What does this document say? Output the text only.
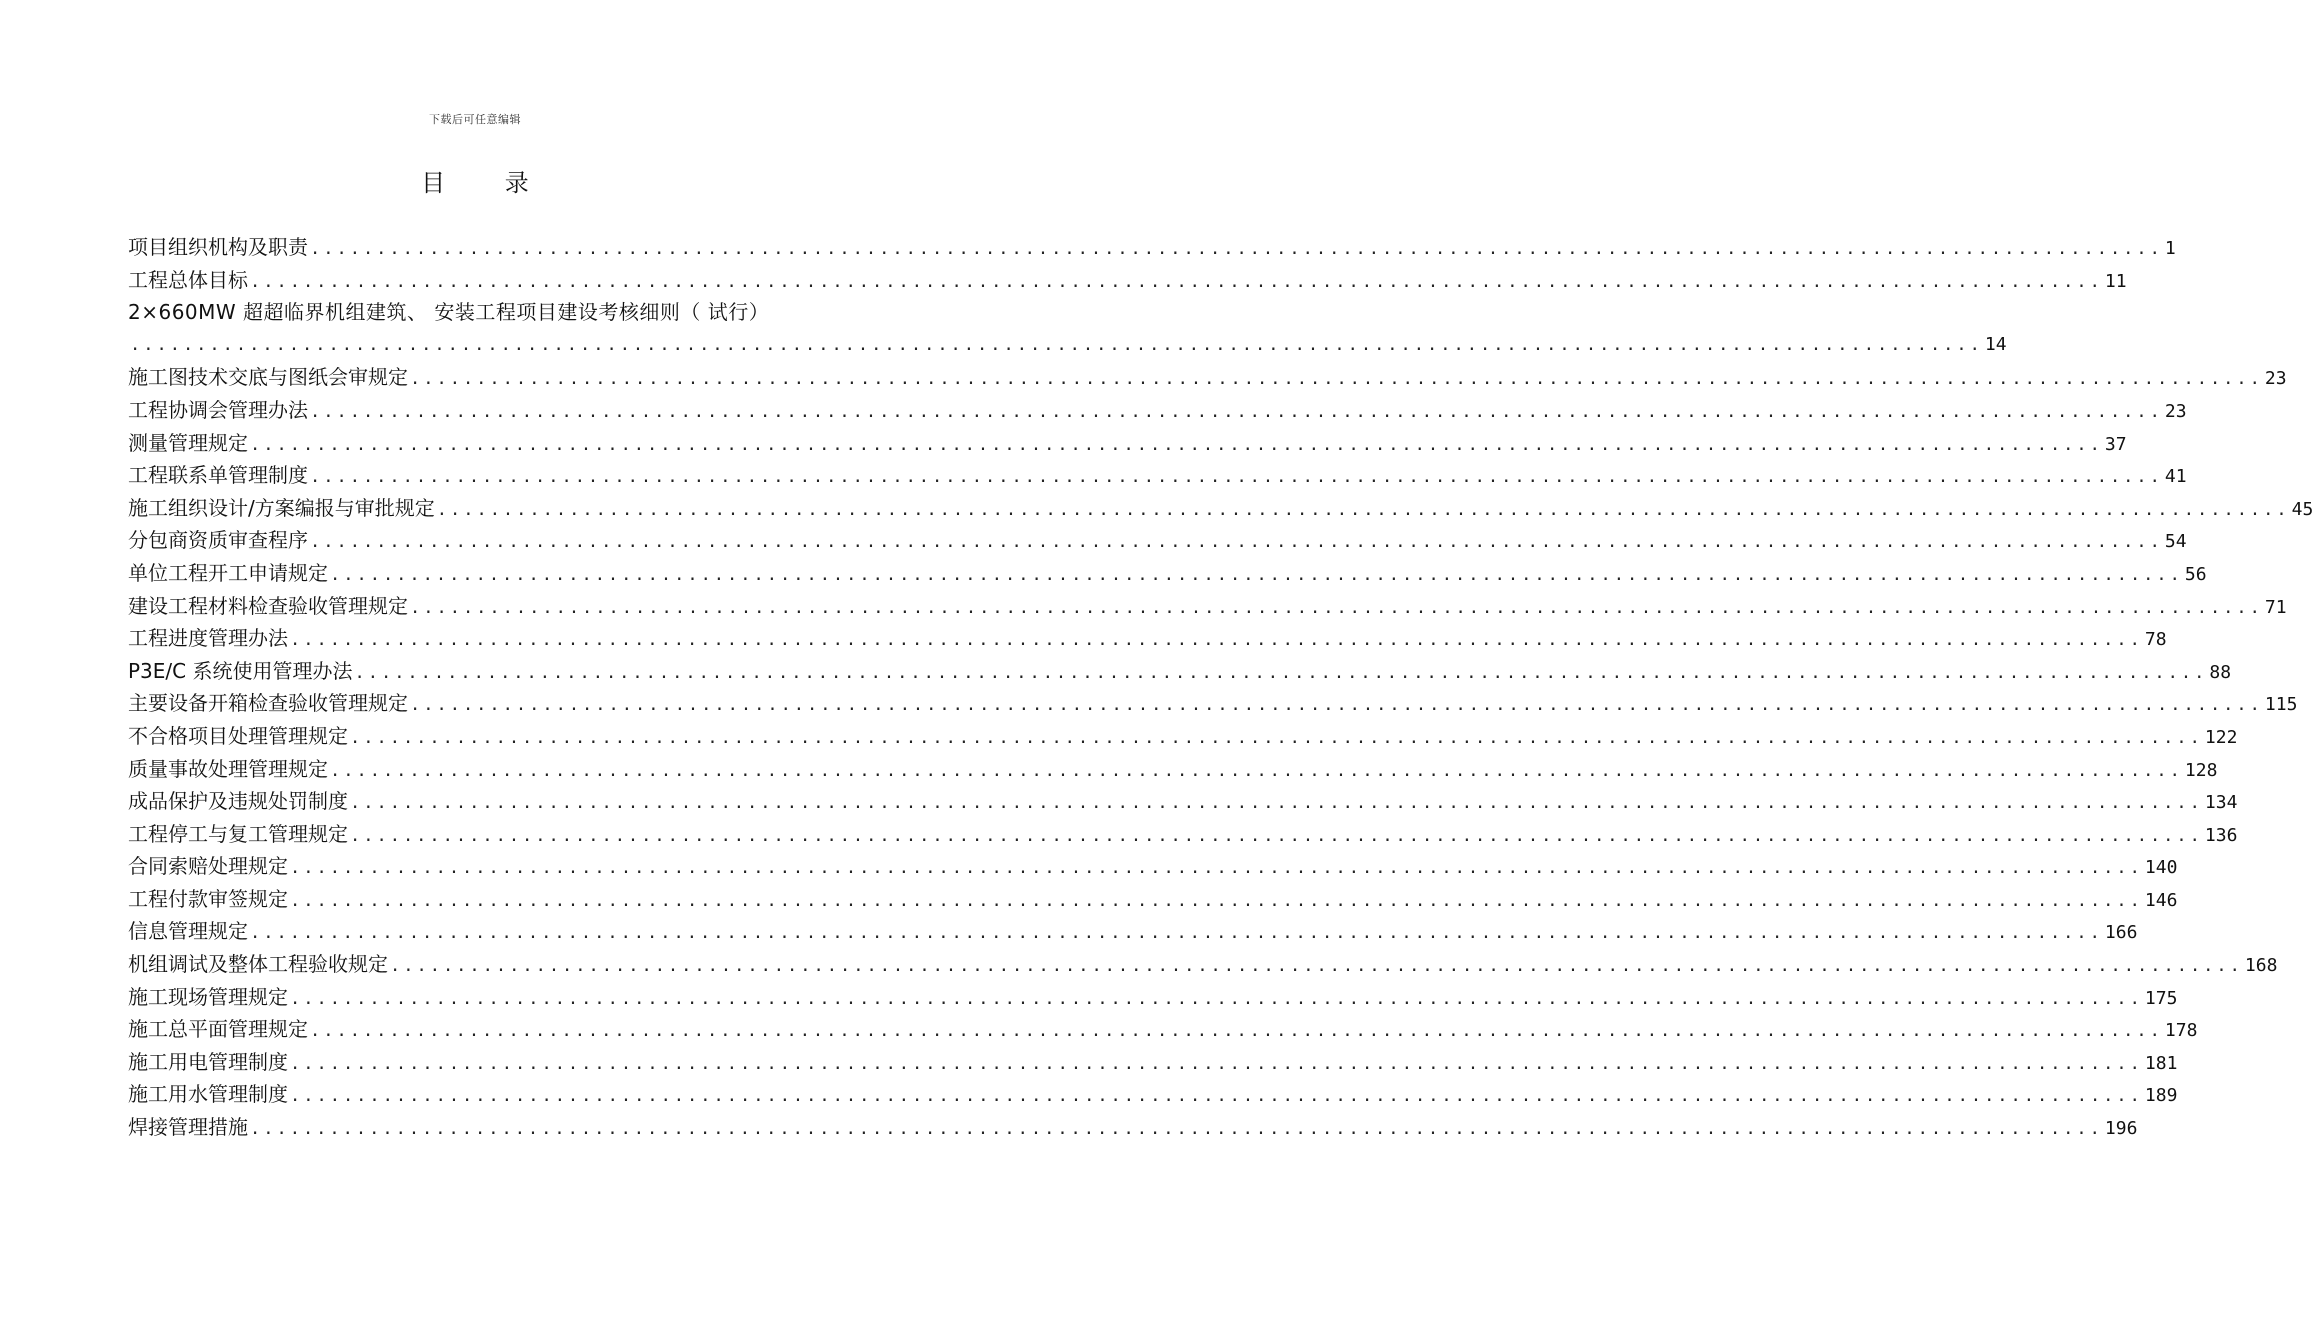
下载后可任意编辑
目 录
项目组织机构及职责 ............................................................................................................................................ 1
工程总体目标 ............................................................................................................................................ 11
2×660MW 超超临界机组建筑、 安装工程项目建设考核细则（ 试行）
............................................................................................................................................ 14
施工图技术交底与图纸会审规定 ............................................................................................................................................ 23
工程协调会管理办法 ............................................................................................................................................ 23
测量管理规定 ............................................................................................................................................ 37
工程联系单管理制度 ............................................................................................................................................ 41
施工组织设计/方案编报与审批规定 ............................................................................................................................................ 45
分包商资质审查程序 ............................................................................................................................................ 54
单位工程开工申请规定 ............................................................................................................................................ 56
建设工程材料检查验收管理规定 ............................................................................................................................................ 71
工程进度管理办法 ............................................................................................................................................ 78
P3E/C 系统使用管理办法 ............................................................................................................................................ 88
主要设备开箱检查验收管理规定 ............................................................................................................................................ 115
不合格项目处理管理规定 ............................................................................................................................................ 122
质量事故处理管理规定 ............................................................................................................................................ 128
成品保护及违规处罚制度 ............................................................................................................................................ 134
工程停工与复工管理规定 ............................................................................................................................................ 136
合同索赔处理规定 ............................................................................................................................................ 140
工程付款审签规定 ............................................................................................................................................ 146
信息管理规定 ............................................................................................................................................ 166
机组调试及整体工程验收规定 ............................................................................................................................................ 168
施工现场管理规定 ............................................................................................................................................ 175
施工总平面管理规定 ............................................................................................................................................ 178
施工用电管理制度 ............................................................................................................................................ 181
施工用水管理制度 ............................................................................................................................................ 189
焊接管理措施 ............................................................................................................................................ 196
